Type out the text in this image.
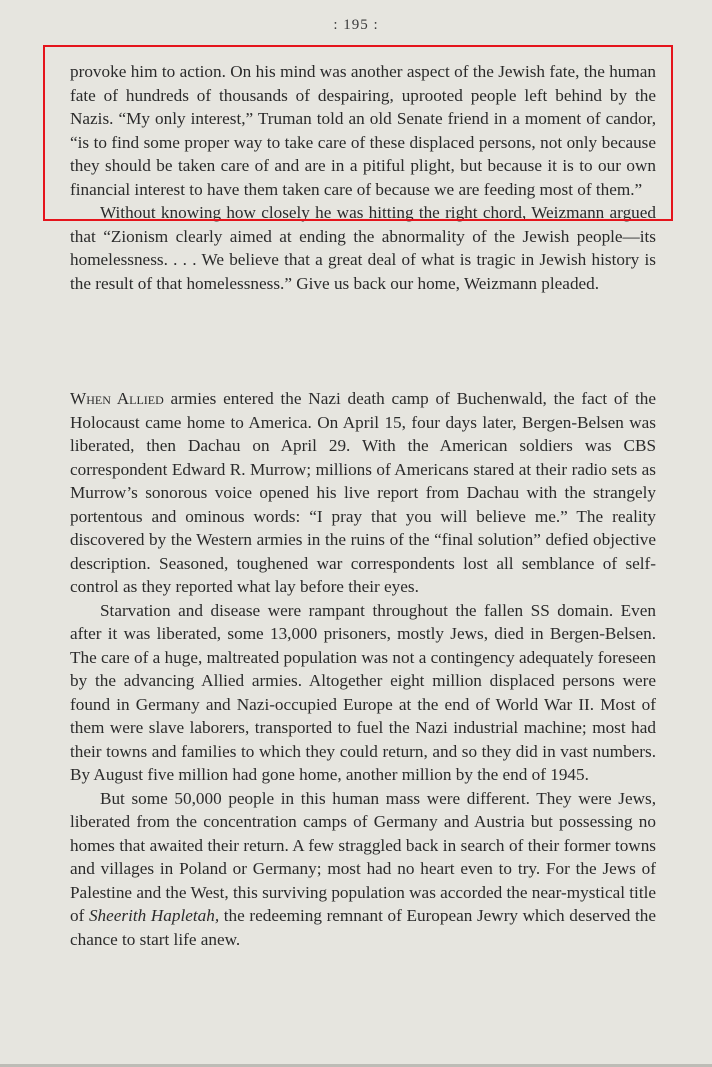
: 195 :

provoke him to action. On his mind was another aspect of the Jewish fate, the human fate of hundreds of thousands of despairing, uprooted people left behind by the Nazis. “My only interest,” Truman told an old Senate friend in a moment of candor, “is to find some proper way to take care of these displaced persons, not only because they should be taken care of and are in a pitiful plight, but because it is to our own financial interest to have them taken care of because we are feeding most of them.”

Without knowing how closely he was hitting the right chord, Weizmann argued that “Zionism clearly aimed at ending the abnormality of the Jewish people—its homelessness. . . . We believe that a great deal of what is tragic in Jewish history is the result of that homelessness.” Give us back our home, Weizmann pleaded.

When Allied armies entered the Nazi death camp of Buchenwald, the fact of the Holocaust came home to America. On April 15, four days later, Bergen-Belsen was liberated, then Dachau on April 29. With the American soldiers was CBS correspondent Edward R. Murrow; millions of Americans stared at their radio sets as Murrow’s sonorous voice opened his live report from Dachau with the strangely portentous and ominous words: “I pray that you will believe me.” The reality discovered by the Western armies in the ruins of the “final solution” defied objective description. Seasoned, toughened war correspondents lost all semblance of self-control as they reported what lay before their eyes.

Starvation and disease were rampant throughout the fallen SS domain. Even after it was liberated, some 13,000 prisoners, mostly Jews, died in Bergen-Belsen. The care of a huge, maltreated population was not a contingency adequately foreseen by the advancing Allied armies. Altogether eight million displaced persons were found in Germany and Nazi-occupied Europe at the end of World War II. Most of them were slave laborers, transported to fuel the Nazi industrial machine; most had their towns and families to which they could return, and so they did in vast numbers. By August five million had gone home, another million by the end of 1945.

But some 50,000 people in this human mass were different. They were Jews, liberated from the concentration camps of Germany and Austria but possessing no homes that awaited their return. A few straggled back in search of their former towns and villages in Poland or Germany; most had no heart even to try. For the Jews of Palestine and the West, this surviving population was accorded the near-mystical title of Sheerith Hapletah, the redeeming remnant of European Jewry which deserved the chance to start life anew.
